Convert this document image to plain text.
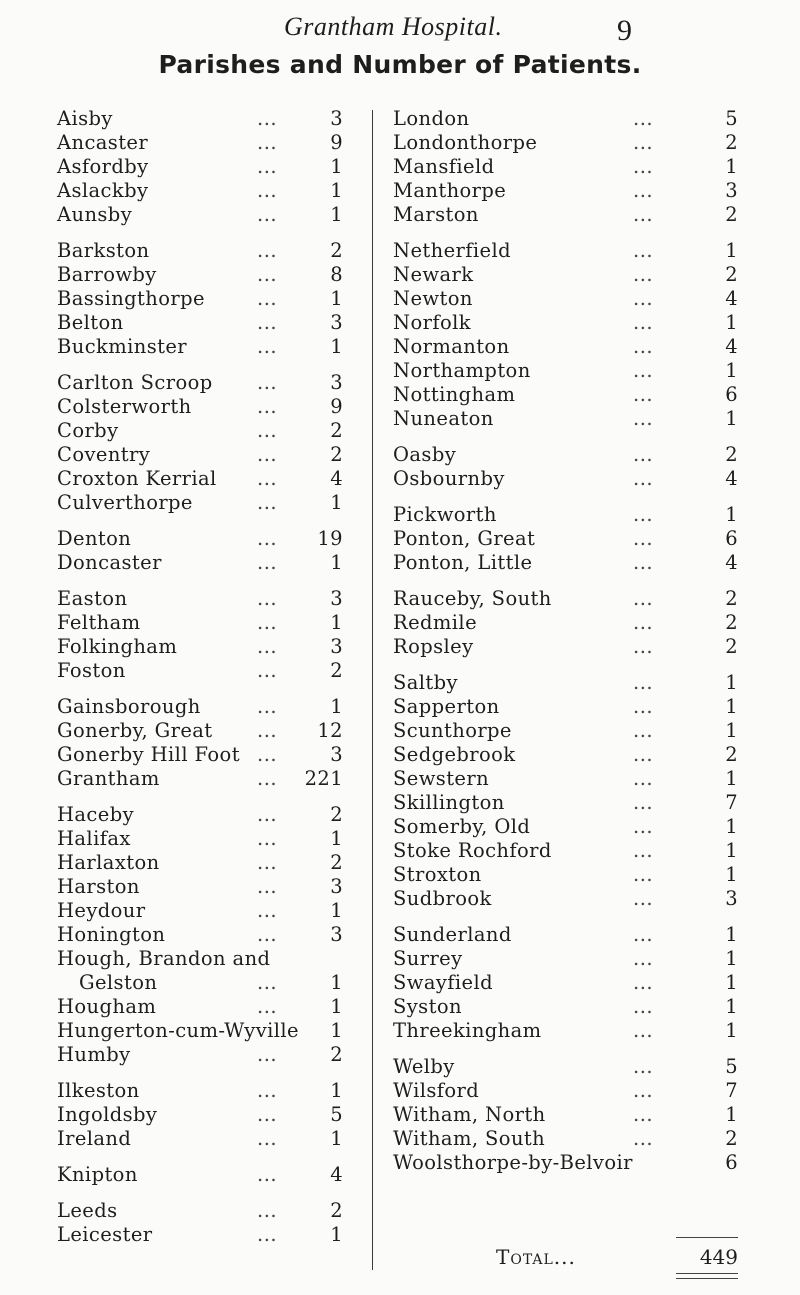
Grantham Hospital.	9
Parishes and Number of Patients.
Aisby	...	3
Ancaster	...	9
Asfordby	...	1
Aslackby	...	1
Aunsby	...	1
Barkston	...	2
Barrowby	...	8
Bassingthorpe	...	1
Belton	...	3
Buckminster	...	1
Carlton Scroop ...	3
Colsterworth	...	9
Corby	...	2
Coventry	...	2
Croxton Kerrial ...	4
Culverthorpe	...	1
Denton	... 19
Doncaster	...	1
Easton	...	3
Feltham	...	1
Folkingham	...	3
Foston	...	2
Gainsborough	...	1
Gonerby, Great ... 12
Gonerby Hill Foot ...	3
Grantham	... 221
Haceby	...	2
Halifax	...	1
Harlaxton	...	2
Harston	...	3
Heydour	...	1
Honington	...	3
Hough, Brandon and
Gelston	...	1
Hougham	...	1
Hungerton-cum-Wyville 1
Humby	...	2
Ilkeston	...	1
Ingoldsby	...	5
Ireland	...	1
Knipton	...	4
Leeds	...	2
Leicester	...	1
London	...	5
Londonthorpe	...	2
Mansfield	...	1
Manthorpe	...	3
Marston	...	2
Netherfield	...	1
Newark	...	2
Newton	...	4
Norfolk	...	1
Normanton	...	4
Northampton	...	1
Nottingham	...	6
Nuneaton	...	1
Oasby	...	2
Osbournby	...	4
Pickworth	...	1
Ponton, Great	...	6
Ponton, Little	...	4
Rauceby, South	...	2
Redmile	...	2
Ropsley	...	2
Saltby	...	1
Sapperton	...	1
Scunthorpe	...	1
Sedgebrook	...	2
Sewstern	...	1
Skillington	...	7
Somerby, Old	...	1
Stoke Rochford	...	1
Stroxton	...	1
Sudbrook	...	3
Sunderland	...	1
Surrey	...	1
Swayfield	...	1
Syston	...	1
Threekingham	...	1
Welby	...	5
Wilsford	...	7
Witham, North	...	1
Witham, South	...	2
Woolsthorpe-by-Belvoir	6
Total...	449
